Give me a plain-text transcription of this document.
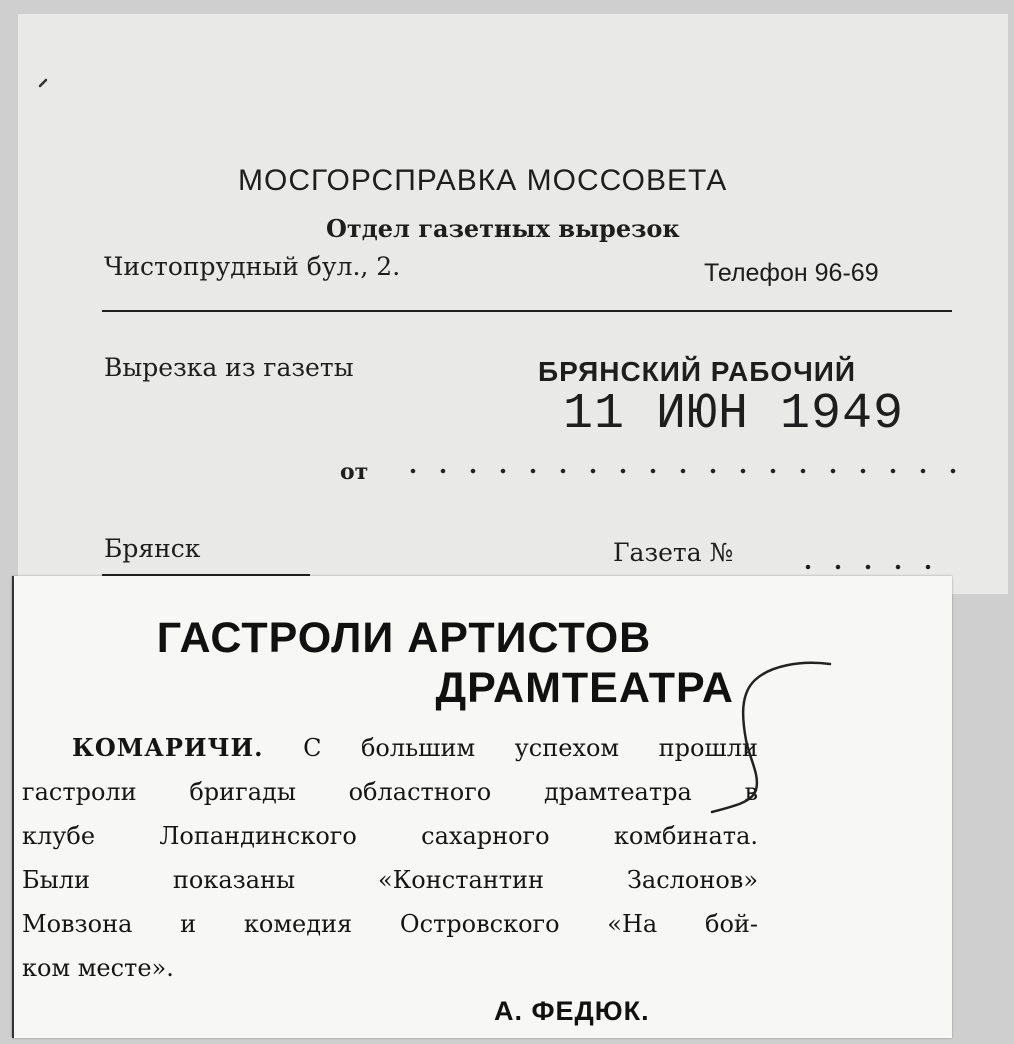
МОСГОРСПРАВКА МОССОВЕТА
Отдел газетных вырезок
Чистопрудный бул., 2.	Телефон 96-69
Вырезка из газеты	БРЯНСКИЙ РАБОЧИЙ
11 ИЮН 1949
от
Брянск	Газета №
ГАСТРОЛИ АРТИСТОВ
ДРАМТЕАТРА
КОМАРИЧИ. С большим успехом прошли
гастроли бригады областного драмтеатра в
клубе Лопандинского сахарного комбината.
Были показаны «Константин Заслонов»
Мовзона и комедия Островского «На бой-
ком месте».
А. ФЕДЮК.
